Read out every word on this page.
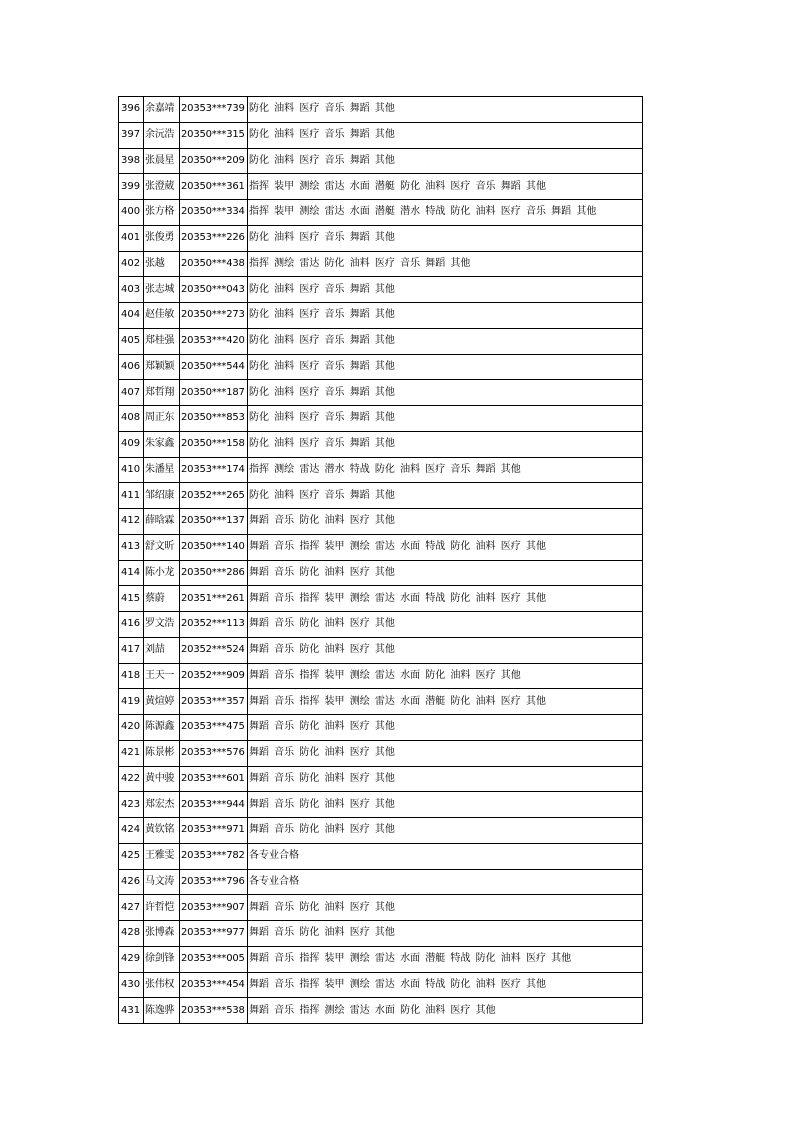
396	余嘉靖	20353***739	防化 油料 医疗 音乐 舞蹈 其他
397	余沅浩	20350***315	防化 油料 医疗 音乐 舞蹈 其他
398	张晨星	20350***209	防化 油料 医疗 音乐 舞蹈 其他
399	张澄葳	20350***361	指挥 装甲 测绘 雷达 水面 潜艇 防化 油料 医疗 音乐 舞蹈 其他
400	张方格	20350***334	指挥 装甲 测绘 雷达 水面 潜艇 潜水 特战 防化 油料 医疗 音乐 舞蹈 其他
401	张俊勇	20353***226	防化 油料 医疗 音乐 舞蹈 其他
402	张越	20350***438	指挥 测绘 雷达 防化 油料 医疗 音乐 舞蹈 其他
403	张志城	20350***043	防化 油料 医疗 音乐 舞蹈 其他
404	赵佳敏	20350***273	防化 油料 医疗 音乐 舞蹈 其他
405	郑桂强	20353***420	防化 油料 医疗 音乐 舞蹈 其他
406	郑颖颖	20350***544	防化 油料 医疗 音乐 舞蹈 其他
407	郑哲翔	20350***187	防化 油料 医疗 音乐 舞蹈 其他
408	周正东	20350***853	防化 油料 医疗 音乐 舞蹈 其他
409	朱家鑫	20350***158	防化 油料 医疗 音乐 舞蹈 其他
410	朱潘星	20353***174	指挥 测绘 雷达 潜水 特战 防化 油料 医疗 音乐 舞蹈 其他
411	邹绍康	20352***265	防化 油料 医疗 音乐 舞蹈 其他
412	薛晗霖	20350***137	舞蹈 音乐 防化 油料 医疗 其他
413	舒文昕	20350***140	舞蹈 音乐 指挥 装甲 测绘 雷达 水面 特战 防化 油料 医疗 其他
414	陈小龙	20350***286	舞蹈 音乐 防化 油料 医疗 其他
415	蔡蔚	20351***261	舞蹈 音乐 指挥 装甲 测绘 雷达 水面 特战 防化 油料 医疗 其他
416	罗文浩	20352***113	舞蹈 音乐 防化 油料 医疗 其他
417	刘喆	20352***524	舞蹈 音乐 防化 油料 医疗 其他
418	王天一	20352***909	舞蹈 音乐 指挥 装甲 测绘 雷达 水面 防化 油料 医疗 其他
419	黄煊婷	20353***357	舞蹈 音乐 指挥 装甲 测绘 雷达 水面 潜艇 防化 油料 医疗 其他
420	陈源鑫	20353***475	舞蹈 音乐 防化 油料 医疗 其他
421	陈景彬	20353***576	舞蹈 音乐 防化 油料 医疗 其他
422	黄中骏	20353***601	舞蹈 音乐 防化 油料 医疗 其他
423	郑宏杰	20353***944	舞蹈 音乐 防化 油料 医疗 其他
424	黄钦铭	20353***971	舞蹈 音乐 防化 油料 医疗 其他
425	王雅雯	20353***782	各专业合格
426	马文涛	20353***796	各专业合格
427	许哲恺	20353***907	舞蹈 音乐 防化 油料 医疗 其他
428	张博森	20353***977	舞蹈 音乐 防化 油料 医疗 其他
429	徐剑锋	20353***005	舞蹈 音乐 指挥 装甲 测绘 雷达 水面 潜艇 特战 防化 油料 医疗 其他
430	张伟权	20353***454	舞蹈 音乐 指挥 装甲 测绘 雷达 水面 特战 防化 油料 医疗 其他
431	陈逸骅	20353***538	舞蹈 音乐 指挥 测绘 雷达 水面 防化 油料 医疗 其他
